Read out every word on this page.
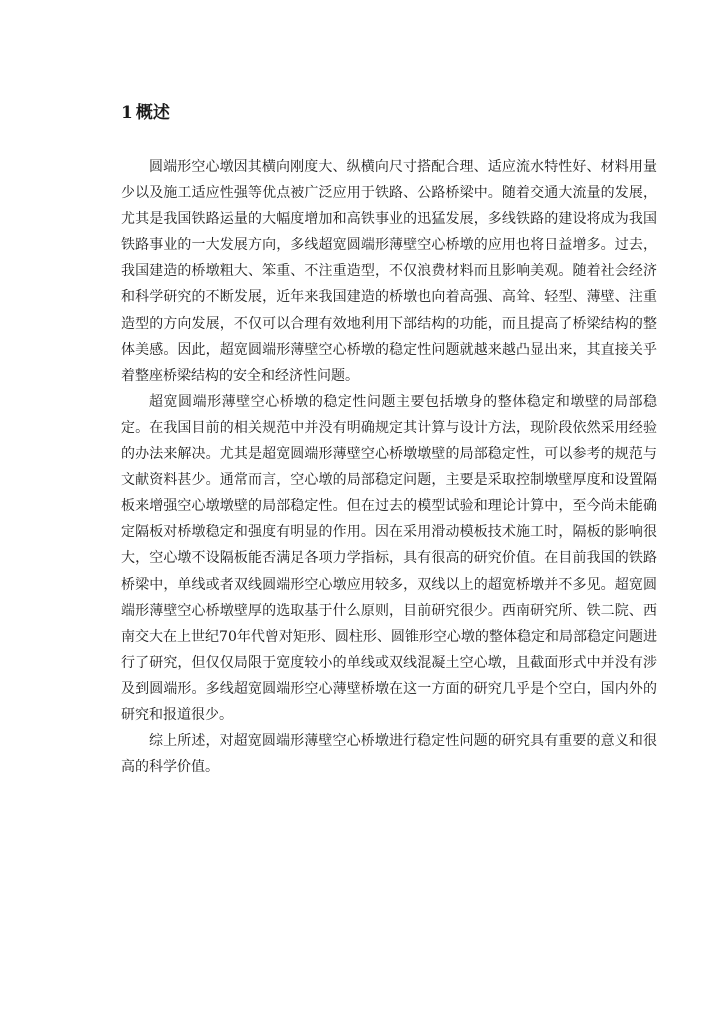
1 概述

圆端形空心墩因其横向刚度大、纵横向尺寸搭配合理、适应流水特性好、材料用量少以及施工适应性强等优点被广泛应用于铁路、公路桥梁中。随着交通大流量的发展，尤其是我国铁路运量的大幅度增加和高铁事业的迅猛发展，多线铁路的建设将成为我国铁路事业的一大发展方向，多线超宽圆端形薄壁空心桥墩的应用也将日益增多。过去，我国建造的桥墩粗大、笨重、不注重造型，不仅浪费材料而且影响美观。随着社会经济和科学研究的不断发展，近年来我国建造的桥墩也向着高强、高耸、轻型、薄壁、注重造型的方向发展，不仅可以合理有效地利用下部结构的功能，而且提高了桥梁结构的整体美感。因此，超宽圆端形薄壁空心桥墩的稳定性问题就越来越凸显出来，其直接关乎着整座桥梁结构的安全和经济性问题。

超宽圆端形薄壁空心桥墩的稳定性问题主要包括墩身的整体稳定和墩壁的局部稳定。在我国目前的相关规范中并没有明确规定其计算与设计方法，现阶段依然采用经验的办法来解决。尤其是超宽圆端形薄壁空心桥墩墩壁的局部稳定性，可以参考的规范与文献资料甚少。通常而言，空心墩的局部稳定问题，主要是采取控制墩壁厚度和设置隔板来增强空心墩墩壁的局部稳定性。但在过去的模型试验和理论计算中，至今尚未能确定隔板对桥墩稳定和强度有明显的作用。因在采用滑动模板技术施工时，隔板的影响很大，空心墩不设隔板能否满足各项力学指标，具有很高的研究价值。在目前我国的铁路桥梁中，单线或者双线圆端形空心墩应用较多，双线以上的超宽桥墩并不多见。超宽圆端形薄壁空心桥墩壁厚的选取基于什么原则，目前研究很少。西南研究所、铁二院、西南交大在上世纪70年代曾对矩形、圆柱形、圆锥形空心墩的整体稳定和局部稳定问题进行了研究，但仅仅局限于宽度较小的单线或双线混凝土空心墩，且截面形式中并没有涉及到圆端形。多线超宽圆端形空心薄壁桥墩在这一方面的研究几乎是个空白，国内外的研究和报道很少。

综上所述，对超宽圆端形薄壁空心桥墩进行稳定性问题的研究具有重要的意义和很高的科学价值。
